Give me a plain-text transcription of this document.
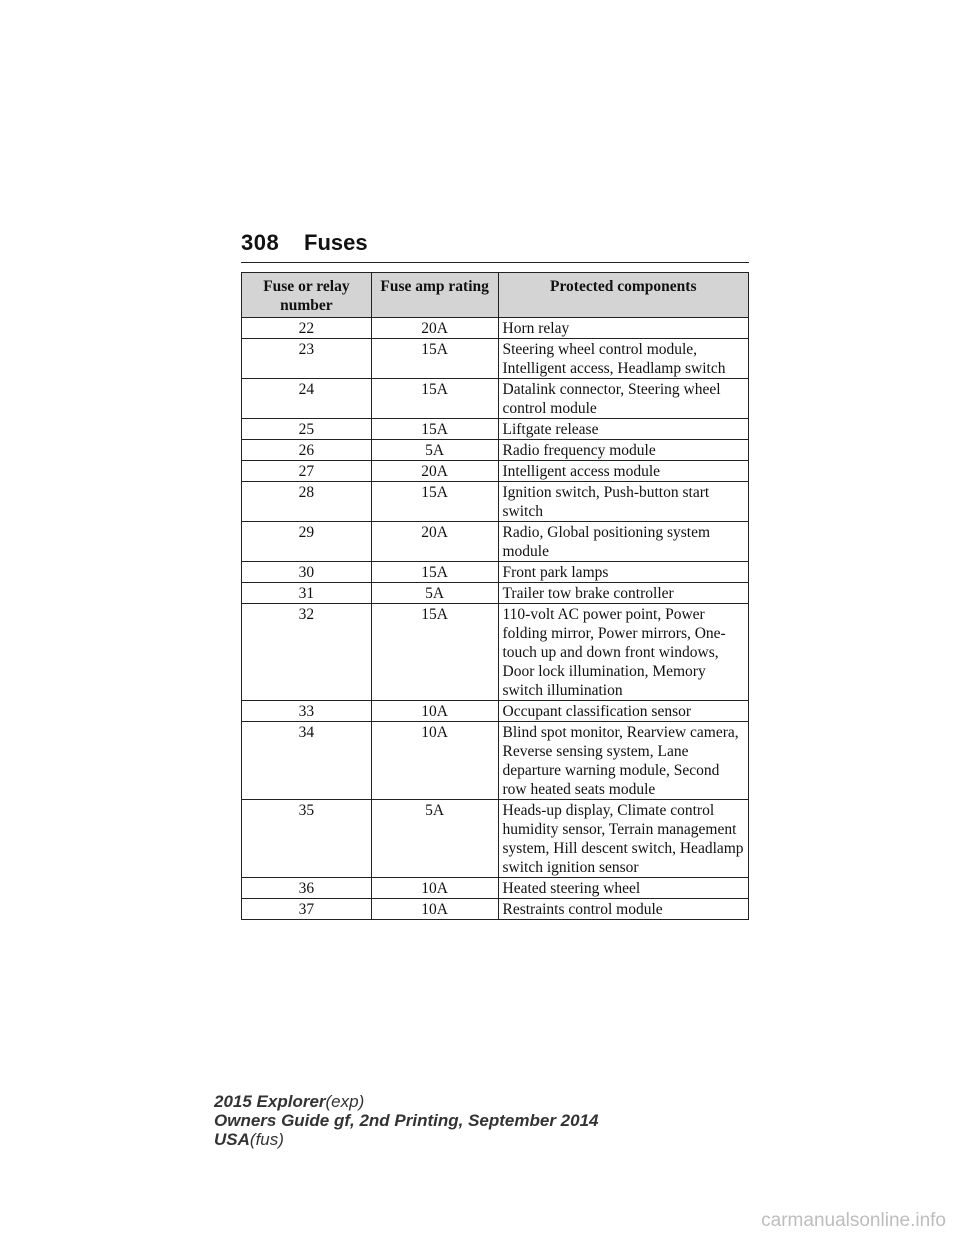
308 Fuses
Fuse or relay number	Fuse amp rating	Protected components
22	20A	Horn relay
23	15A	Steering wheel control module, Intelligent access, Headlamp switch
24	15A	Datalink connector, Steering wheel control module
25	15A	Liftgate release
26	5A	Radio frequency module
27	20A	Intelligent access module
28	15A	Ignition switch, Push-button start switch
29	20A	Radio, Global positioning system module
30	15A	Front park lamps
31	5A	Trailer tow brake controller
32	15A	110-volt AC power point, Power folding mirror, Power mirrors, One-touch up and down front windows, Door lock illumination, Memory switch illumination
33	10A	Occupant classification sensor
34	10A	Blind spot monitor, Rearview camera, Reverse sensing system, Lane departure warning module, Second row heated seats module
35	5A	Heads-up display, Climate control humidity sensor, Terrain management system, Hill descent switch, Headlamp switch ignition sensor
36	10A	Heated steering wheel
37	10A	Restraints control module
2015 Explorer(exp)
Owners Guide gf, 2nd Printing, September 2014
USA(fus)
carmanualsonline.info
